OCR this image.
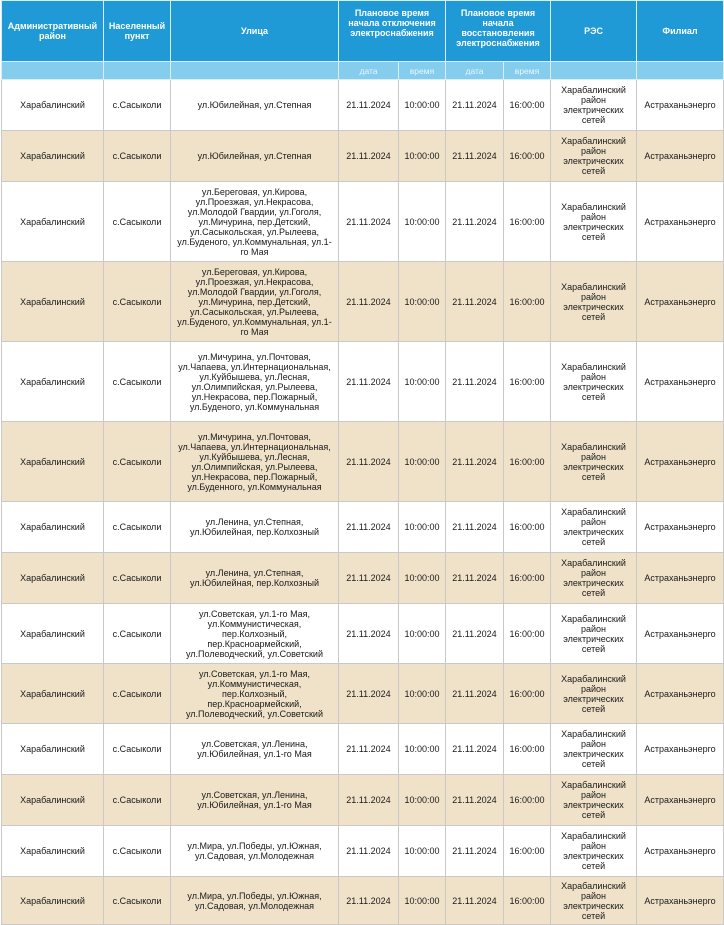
Административный район	Населенный пункт	Улица	Плановое время начала отключения электроснабжения		Плановое время начала восстановления электроснабжения		РЭС	Филиал
			дата	время	дата	время		
Харабалинский	с.Сасыколи	ул.Юбилейная, ул.Степная	21.11.2024	10:00:00	21.11.2024	16:00:00	Харабалинский район электрических сетей	Астраханьэнерго
Харабалинский	с.Сасыколи	ул.Юбилейная, ул.Степная	21.11.2024	10:00:00	21.11.2024	16:00:00	Харабалинский район электрических сетей	Астраханьэнерго
Харабалинский	с.Сасыколи	ул.Береговая, ул.Кирова, ул.Проезжая, ул.Некрасова, ул.Молодой Гвардии, ул.Гоголя, ул.Мичурина, пер.Детский, ул.Сасыкольская, ул.Рылеева, ул.Буденого, ул.Коммунальная, ул.1-го Мая	21.11.2024	10:00:00	21.11.2024	16:00:00	Харабалинский район электрических сетей	Астраханьэнерго
Харабалинский	с.Сасыколи	ул.Береговая, ул.Кирова, ул.Проезжая, ул.Некрасова, ул.Молодой Гвардии, ул.Гоголя, ул.Мичурина, пер.Детский, ул.Сасыкольская, ул.Рылеева, ул.Буденого, ул.Коммунальная, ул.1-го Мая	21.11.2024	10:00:00	21.11.2024	16:00:00	Харабалинский район электрических сетей	Астраханьэнерго
Харабалинский	с.Сасыколи	ул.Мичурина, ул.Почтовая, ул.Чапаева, ул.Интернациональная, ул.Куйбышева, ул.Лесная, ул.Олимпийская, ул.Рылеева, ул.Некрасова, пер.Пожарный, ул.Буденого, ул.Коммунальная	21.11.2024	10:00:00	21.11.2024	16:00:00	Харабалинский район электрических сетей	Астраханьэнерго
Харабалинский	с.Сасыколи	ул.Мичурина, ул.Почтовая, ул.Чапаева, ул.Интернациональная, ул.Куйбышева, ул.Лесная, ул.Олимпийская, ул.Рылеева, ул.Некрасова, пер.Пожарный, ул.Буденного, ул.Коммунальная	21.11.2024	10:00:00	21.11.2024	16:00:00	Харабалинский район электрических сетей	Астраханьэнерго
Харабалинский	с.Сасыколи	ул.Ленина, ул.Степная, ул.Юбилейная, пер.Колхозный	21.11.2024	10:00:00	21.11.2024	16:00:00	Харабалинский район электрических сетей	Астраханьэнерго
Харабалинский	с.Сасыколи	ул.Ленина, ул.Степная, ул.Юбилейная, пер.Колхозный	21.11.2024	10:00:00	21.11.2024	16:00:00	Харабалинский район электрических сетей	Астраханьэнерго
Харабалинский	с.Сасыколи	ул.Советская, ул.1-го Мая, ул.Коммунистическая, пер.Колхозный, пер.Красноармейский, ул.Полеводческий, ул.Советский	21.11.2024	10:00:00	21.11.2024	16:00:00	Харабалинский район электрических сетей	Астраханьэнерго
Харабалинский	с.Сасыколи	ул.Советская, ул.1-го Мая, ул.Коммунистическая, пер.Колхозный, пер.Красноармейский, ул.Полеводческий, ул.Советский	21.11.2024	10:00:00	21.11.2024	16:00:00	Харабалинский район электрических сетей	Астраханьэнерго
Харабалинский	с.Сасыколи	ул.Советская, ул.Ленина, ул.Юбилейная, ул.1-го Мая	21.11.2024	10:00:00	21.11.2024	16:00:00	Харабалинский район электрических сетей	Астраханьэнерго
Харабалинский	с.Сасыколи	ул.Советская, ул.Ленина, ул.Юбилейная, ул.1-го Мая	21.11.2024	10:00:00	21.11.2024	16:00:00	Харабалинский район электрических сетей	Астраханьэнерго
Харабалинский	с.Сасыколи	ул.Мира, ул.Победы, ул.Южная, ул.Садовая, ул.Молодежная	21.11.2024	10:00:00	21.11.2024	16:00:00	Харабалинский район электрических сетей	Астраханьэнерго
Харабалинский	с.Сасыколи	ул.Мира, ул.Победы, ул.Южная, ул.Садовая, ул.Молодежная	21.11.2024	10:00:00	21.11.2024	16:00:00	Харабалинский район электрических сетей	Астраханьэнерго
